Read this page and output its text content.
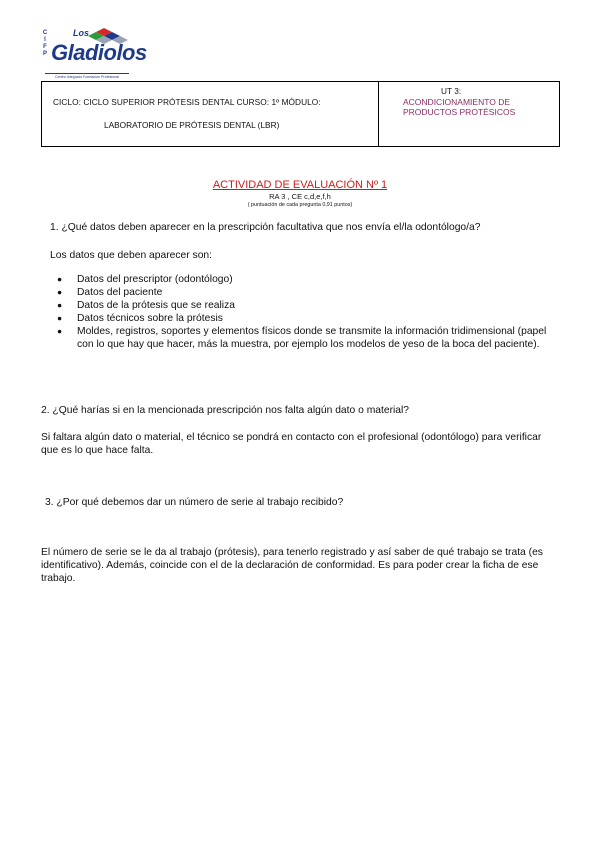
C I F P
Los
Gladiolos
Centro Integrado Formación Profesional
CICLO: CICLO SUPERIOR PRÓTESIS DENTAL CURSO: 1º MÓDULO:
LABORATORIO DE PRÓTESIS DENTAL (LBR)
UT 3:
ACONDICIONAMIENTO DE PRODUCTOS PROTÉSICOS
ACTIVIDAD DE EVALUACIÓN Nº 1
RA 3 , CE c,d,e,f,h
( puntuación de cada pregunta 0,91 puntos)
1. ¿Qué datos deben aparecer en la prescripción facultativa que nos envía el/la odontólogo/a?
Los datos que deben aparecer son:
● Datos del prescriptor (odontólogo)
● Datos del paciente
● Datos de la prótesis que se realiza
● Datos técnicos sobre la prótesis
● Moldes, registros, soportes y elementos físicos donde se transmite la información tridimensional (papel con lo que hay que hacer, más la muestra, por ejemplo los modelos de yeso de la boca del paciente).
2. ¿Qué harías si en la mencionada prescripción nos falta algún dato o material?
Si faltara algún dato o material, el técnico se pondrá en contacto con el profesional (odontólogo) para verificar que es lo que hace falta.
3. ¿Por qué debemos dar un número de serie al trabajo recibido?
El número de serie se le da al trabajo (prótesis), para tenerlo registrado y así saber de qué trabajo se trata (es identificativo). Además, coincide con el de la declaración de conformidad. Es para poder crear la ficha de ese trabajo.
